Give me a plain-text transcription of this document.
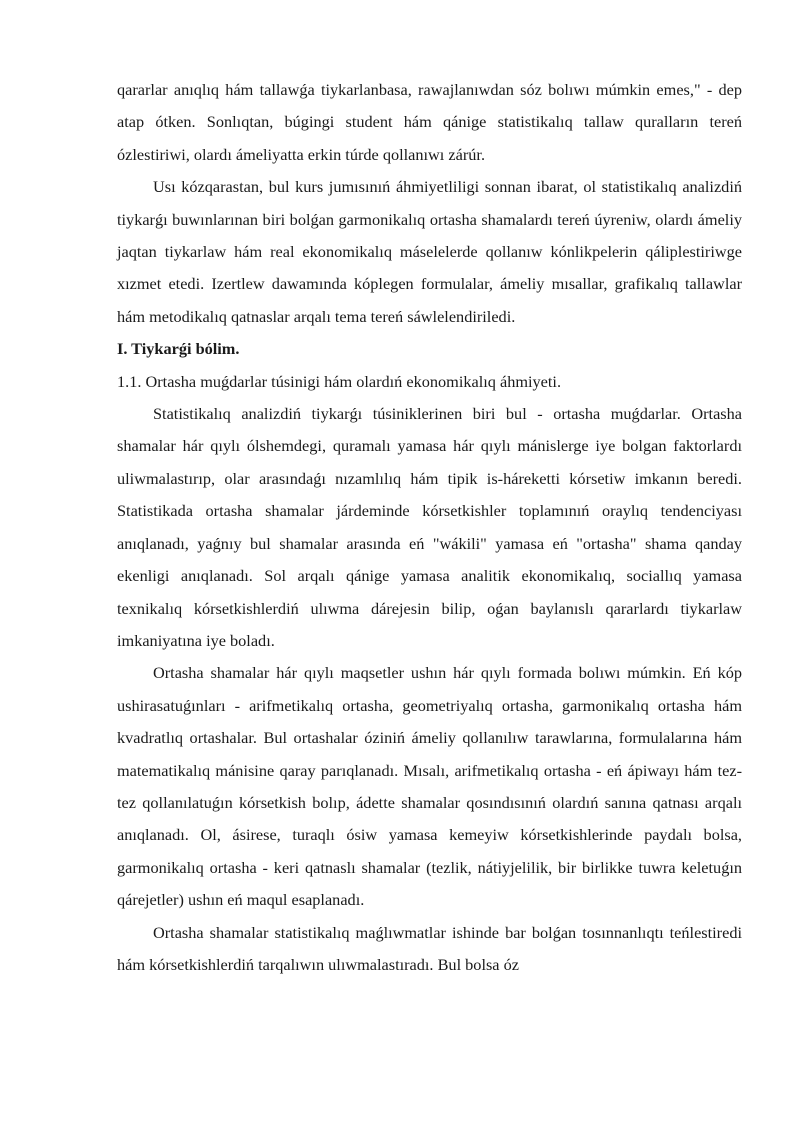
qararlar anıqlıq hám tallawǵa tiykarlanbasa, rawajlanıwdan sóz bolıwı múmkin emes," - dep atap ótken. Sonlıqtan, búgingi student hám qánige statistikalıq tallaw quralların tereń ózlestiriwi, olardı ámeliyatta erkin túrde qollanıwı zárúr.

Usı kózqarastan, bul kurs jumısınıń áhmiyetliligi sonnan ibarat, ol statistikalıq analizdiń tiykarǵı buwınlarınan biri bolǵan garmonikalıq ortasha shamalardı tereń úyreniw, olardı ámeliy jaqtan tiykarlaw hám real ekonomikalıq máselelerde qollanıw kónlikpelerin qáliplestiriwge xızmet etedi. Izertlew dawamında kóplegen formulalar, ámeliy mısallar, grafikalıq tallawlar hám metodikalıq qatnaslar arqalı tema tereń sáwlelendiriledi.

I. Tiykarǵi bólim.

1.1. Ortasha muǵdarlar túsinigi hám olardıń ekonomikalıq áhmiyeti.

Statistikalıq analizdiń tiykarǵı túsiniklerinen biri bul - ortasha muǵdarlar. Ortasha shamalar hár qıylı ólshemdegi, quramalı yamasa hár qıylı mánislerge iye bolgan faktorlardı uliwmalastırıp, olar arasındaǵı nızamlılıq hám tipik is-háreketti kórsetiw imkanın beredi. Statistikada ortasha shamalar járdeminde kórsetkishler toplamınıń oraylıq tendenciyası anıqlanadı, yaǵnıy bul shamalar arasında eń "wákili" yamasa eń "ortasha" shama qanday ekenligi anıqlanadı. Sol arqalı qánige yamasa analitik ekonomikalıq, sociallıq yamasa texnikalıq kórsetkishlerdiń ulıwma dárejesin bilip, oǵan baylanıslı qararlardı tiykarlaw imkaniyatına iye boladı.

Ortasha shamalar hár qıylı maqsetler ushın hár qıylı formada bolıwı múmkin. Eń kóp ushirasatuǵınları - arifmetikalıq ortasha, geometriyalıq ortasha, garmonikalıq ortasha hám kvadratlıq ortashalar. Bul ortashalar óziniń ámeliy qollanılıw tarawlarına, formulalarına hám matematikalıq mánisine qaray parıqlanadı. Mısalı, arifmetikalıq ortasha - eń ápiwayı hám tez-tez qollanılatuǵın kórsetkish bolıp, ádette shamalar qosındısınıń olardıń sanına qatnası arqalı anıqlanadı. Ol, ásirese, turaqlı ósiw yamasa kemeyiw kórsetkishlerinde paydalı bolsa, garmonikalıq ortasha - keri qatnaslı shamalar (tezlik, nátiyjelilik, bir birlikke tuwra keletuǵın qárejetler) ushın eń maqul esaplanadı.

Ortasha shamalar statistikalıq maǵlıwmatlar ishinde bar bolǵan tosınnanlıqtı teńlestiredi hám kórsetkishlerdiń tarqalıwın ulıwmalastıradı. Bul bolsa óz
